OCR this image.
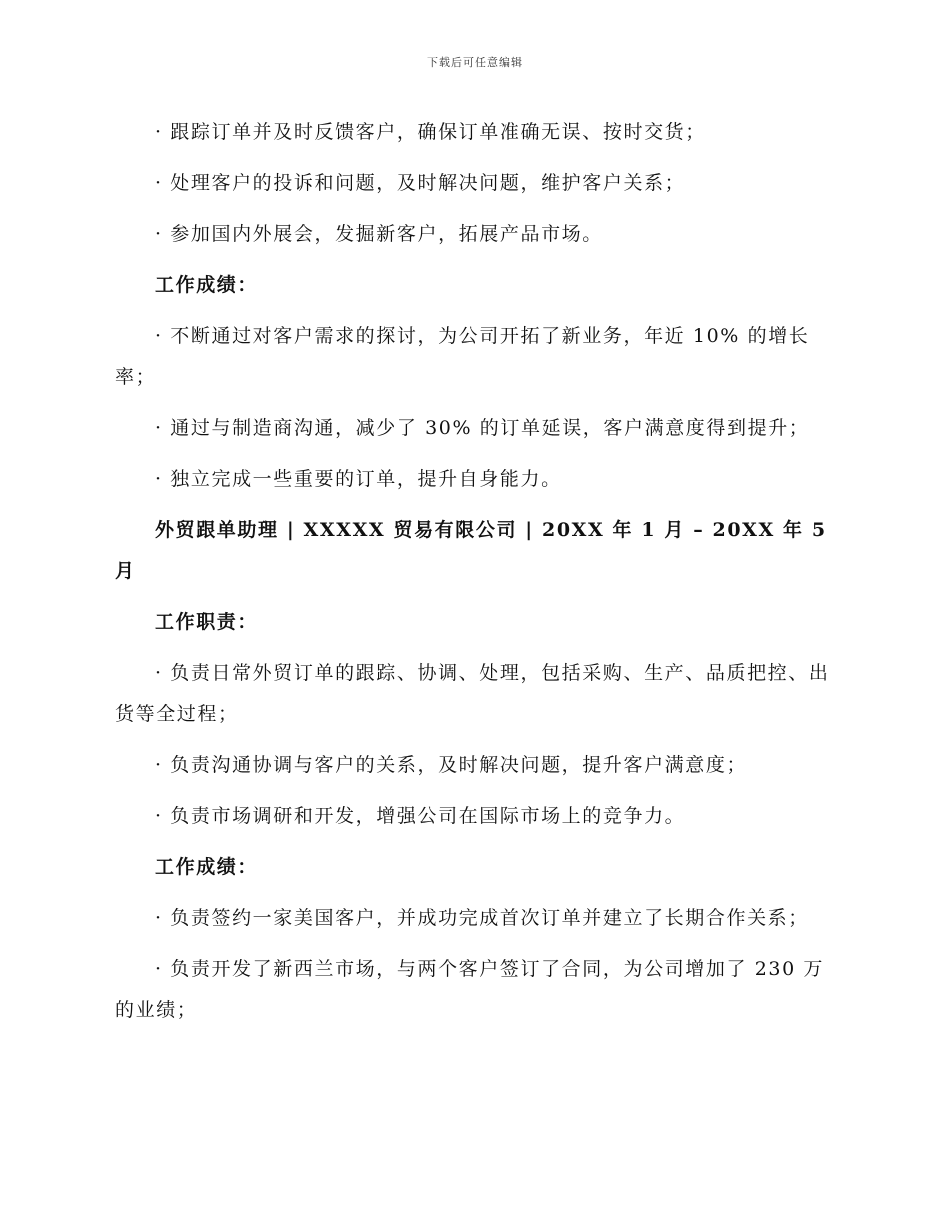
下载后可任意编辑

· 跟踪订单并及时反馈客户，确保订单准确无误、按时交货；

· 处理客户的投诉和问题，及时解决问题，维护客户关系；

· 参加国内外展会，发掘新客户，拓展产品市场。

工作成绩：

· 不断通过对客户需求的探讨，为公司开拓了新业务，年近 10% 的增长率；

· 通过与制造商沟通，减少了 30% 的订单延误，客户满意度得到提升；

· 独立完成一些重要的订单，提升自身能力。

外贸跟单助理 | XXXXX 贸易有限公司 | 20XX 年 1 月 – 20XX 年 5 月

工作职责：

· 负责日常外贸订单的跟踪、协调、处理，包括采购、生产、品质把控、出货等全过程；

· 负责沟通协调与客户的关系，及时解决问题，提升客户满意度；

· 负责市场调研和开发，增强公司在国际市场上的竞争力。

工作成绩：

· 负责签约一家美国客户，并成功完成首次订单并建立了长期合作关系；

· 负责开发了新西兰市场，与两个客户签订了合同，为公司增加了 230 万的业绩；
